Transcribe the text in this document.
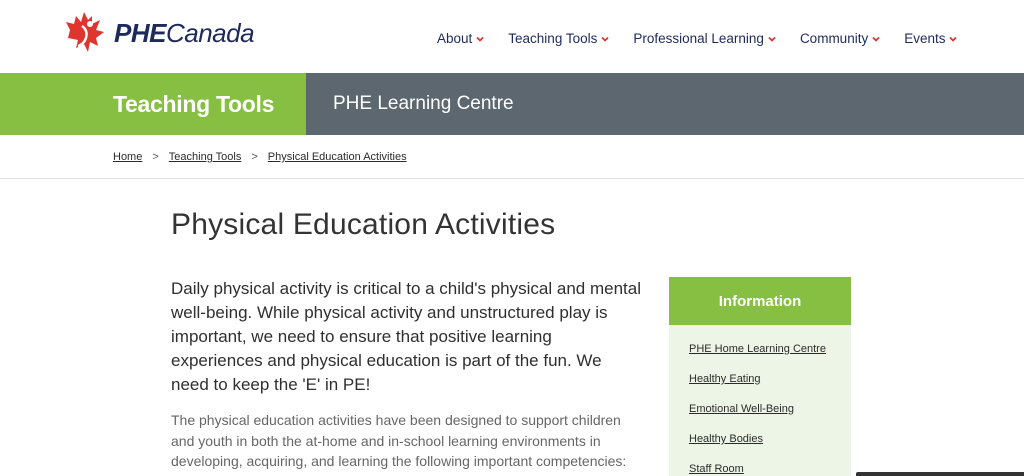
PHECanada	About	Teaching Tools	Professional Learning	Community	Events
Teaching Tools	PHE Learning Centre
Home > Teaching Tools > Physical Education Activities
Physical Education Activities

Daily physical activity is critical to a child's physical and mental well-being. While physical activity and unstructured play is important, we need to ensure that positive learning experiences and physical education is part of the fun. We need to keep the 'E' in PE!

The physical education activities have been designed to support children and youth in both the at-home and in-school learning environments in developing, acquiring, and learning the following important competencies:

Information
PHE Home Learning Centre
Healthy Eating
Emotional Well-Being
Healthy Bodies
Staff Room
